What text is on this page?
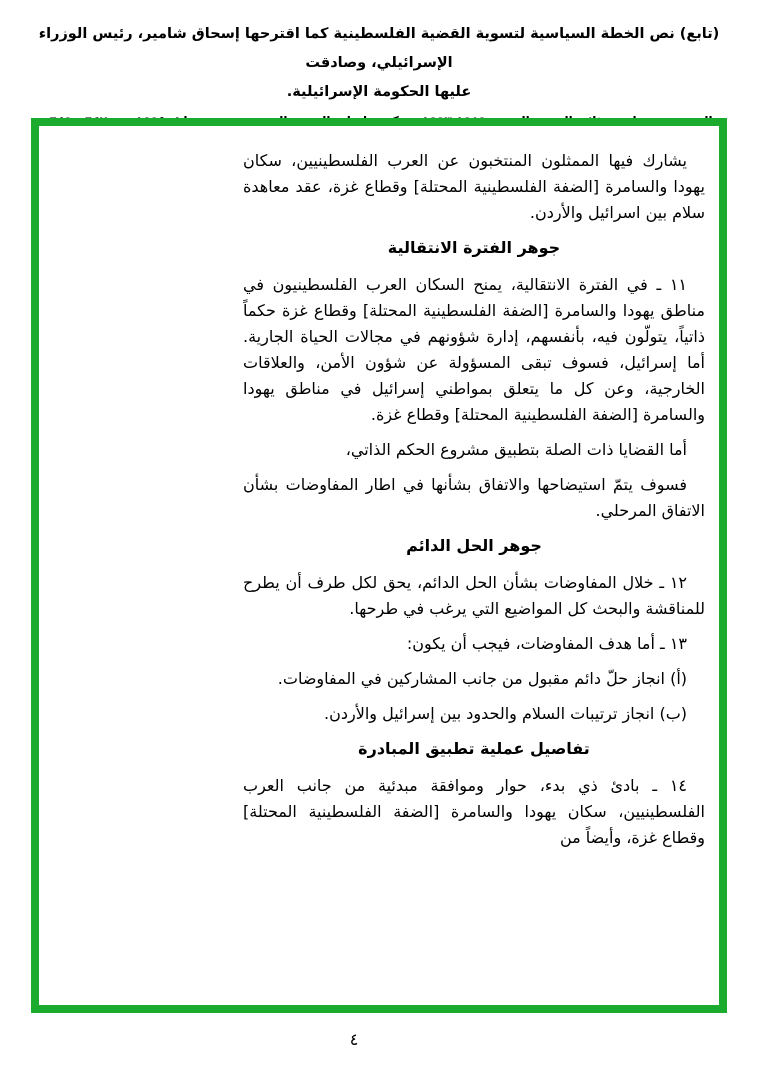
(تابع) نص الخطة السياسية لتسوية القضية الفلسطينية كما اقترحها إسحاق شامير، رئيس الوزراء الإسرائيلي، وصادقت
عليها الحكومة الإسرائيلية.
يشارك فيها الممثلون المنتخبون عن العرب الفلسطينيين، سكان يهودا والسامرة [الضفة الفلسطينية المحتلة] وقطاع غزة، عقد معاهدة سلام بين اسرائيل والأردن.
جوهر الفترة الانتقالية
١١ ـ في الفترة الانتقالية، يمنح السكان العرب الفلسطينيون في مناطق يهودا والسامرة [الضفة الفلسطينية المحتلة] وقطاع غزة حكماً ذاتياً، يتولّون فيه، بأنفسهم، إدارة شؤونهم في مجالات الحياة الجارية. أما إسرائيل، فسوف تبقى المسؤولة عن شؤون الأمن، والعلاقات الخارجية، وعن كل ما يتعلق بمواطني إسرائيل في مناطق يهودا والسامرة [الضفة الفلسطينية المحتلة] وقطاع غزة.
أما القضايا ذات الصلة بتطبيق مشروع الحكم الذاتي،
فسوف يتمّ استيضاحها والاتفاق بشأنها في اطار المفاوضات بشأن الاتفاق المرحلي.
جوهر الحل الدائم
١٢ ـ خلال المفاوضات بشأن الحل الدائم، يحق لكل طرف أن يطرح للمناقشة والبحث كل المواضيع التي يرغب في طرحها.
١٣ ـ أما هدف المفاوضات، فيجب أن يكون:
(أ) انجاز حلّ دائم مقبول من جانب المشاركين في المفاوضات.
(ب) انجاز ترتيبات السلام والحدود بين إسرائيل والأردن.
تفاصيل عملية تطبيق المبادرة
١٤ ـ بادئ ذي بدء، حوار وموافقة مبدئية من جانب العرب الفلسطينيين، سكان يهودا والسامرة [الضفة الفلسطينية المحتلة] وقطاع غزة، وأيضاً من
٤
